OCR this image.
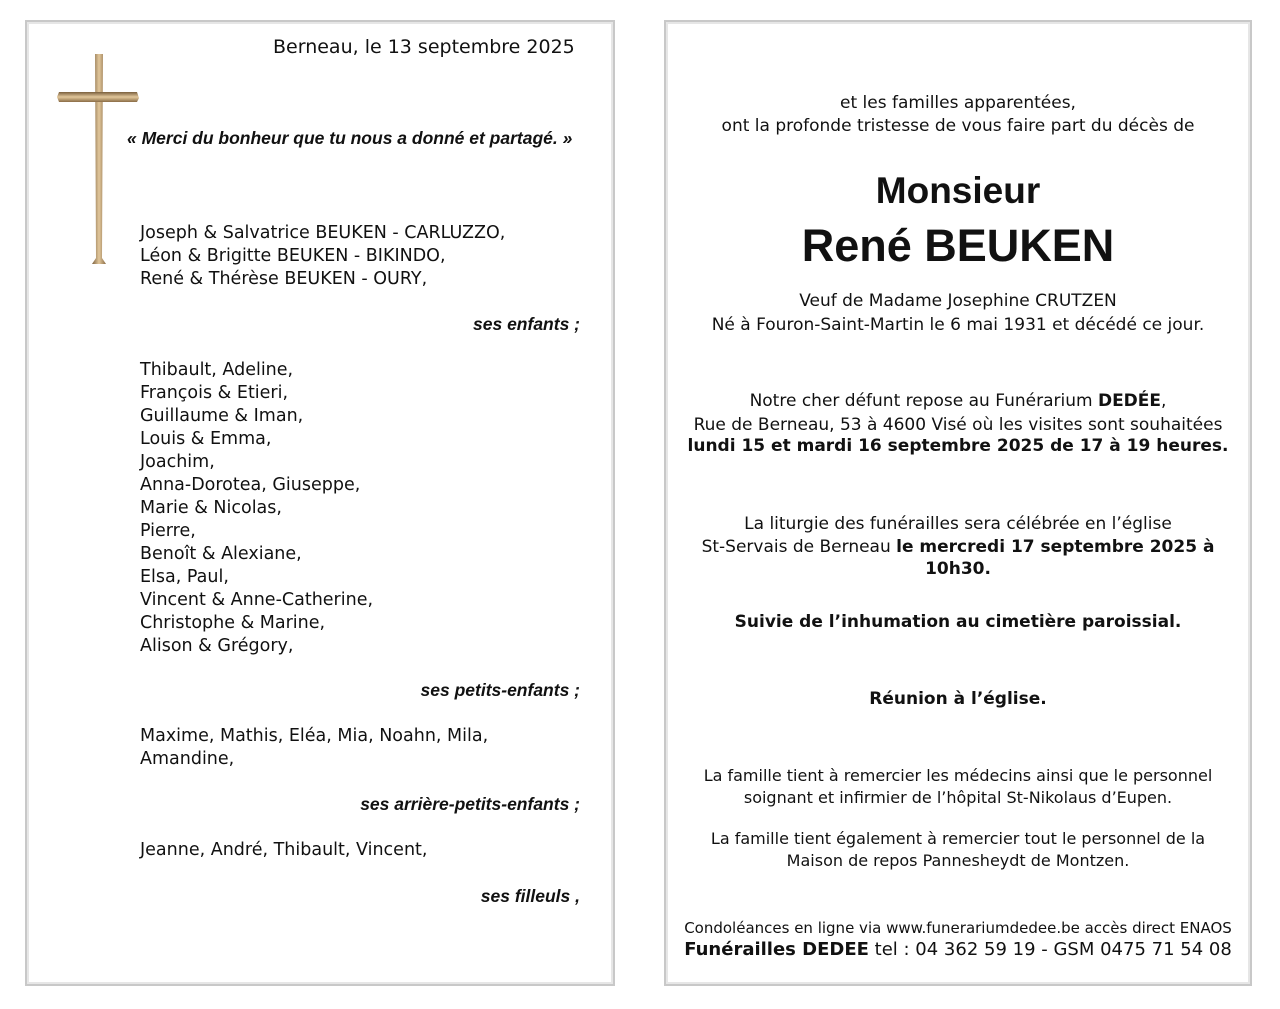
Berneau, le 13 septembre 2025
« Merci du bonheur que tu nous a donné et partagé. »
Joseph & Salvatrice BEUKEN - CARLUZZO,
Léon & Brigitte BEUKEN - BIKINDO,
René & Thérèse BEUKEN - OURY,
ses enfants ;
Thibault, Adeline,
François & Etieri,
Guillaume & Iman,
Louis & Emma,
Joachim,
Anna-Dorotea, Giuseppe,
Marie & Nicolas,
Pierre,
Benoît & Alexiane,
Elsa, Paul,
Vincent & Anne-Catherine,
Christophe & Marine,
Alison & Grégory,
ses petits-enfants ;
Maxime, Mathis, Eléa, Mia, Noahn, Mila,
Amandine,
ses arrière-petits-enfants ;
Jeanne, André, Thibault, Vincent,
ses filleuls ,
et les familles apparentées,
ont la profonde tristesse de vous faire part du décès de
Monsieur
René BEUKEN
Veuf de Madame Josephine CRUTZEN
Né à Fouron-Saint-Martin le 6 mai 1931 et décédé ce jour.
Notre cher défunt repose au Funérarium DEDÉE,
Rue de Berneau, 53 à 4600 Visé où les visites sont souhaitées
lundi 15 et mardi 16 septembre 2025 de 17 à 19 heures.
La liturgie des funérailles sera célébrée en l’église
St-Servais de Berneau le mercredi 17 septembre 2025 à 10h30.
Suivie de l’inhumation au cimetière paroissial.
Réunion à l’église.
La famille tient à remercier les médecins ainsi que le personnel
soignant et infirmier de l’hôpital St-Nikolaus d’Eupen.
La famille tient également à remercier tout le personnel de la
Maison de repos Pannesheydt de Montzen.
Condoléances en ligne via www.funerariumdedee.be accès direct ENAOS
Funérailles DEDEE tel : 04 362 59 19 - GSM 0475 71 54 08
